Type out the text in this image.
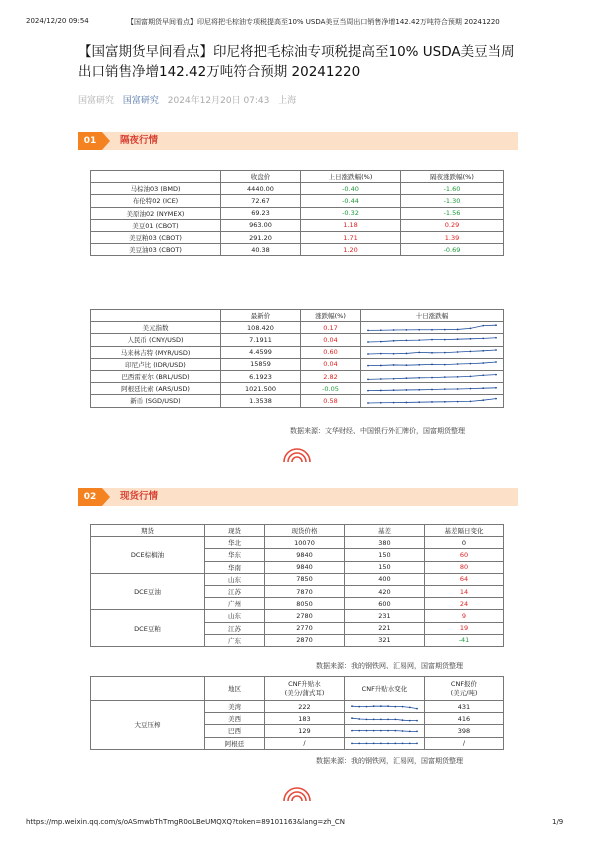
2024/12/20 09:54	【国富期货早间看点】印尼将把毛棕油专项税提高至10% USDA美豆当周出口销售净增142.42万吨符合预期 20241220
【国富期货早间看点】印尼将把毛棕油专项税提高至10% USDA美豆当周出口销售净增142.42万吨符合预期 20241220
国富研究 国富研究 2024年12月20日 07:43 上海
01	隔夜行情
	收盘价	上日涨跌幅(%)	隔夜涨跌幅(%)
马棕油03 (BMD)	4440.00	-0.40	-1.60
布伦特02 (ICE)	72.67	-0.44	-1.30
美原油02 (NYMEX)	69.23	-0.32	-1.56
美豆01 (CBOT)	963.00	1.18	0.29
美豆粕03 (CBOT)	291.20	1.71	1.39
美豆油03 (CBOT)	40.38	1.20	-0.69
	最新价	涨跌幅(%)	十日涨跌幅
美元指数	108.420	0.17	

人民币 (CNY/USD)	7.1911	0.04	

马来林吉特 (MYR/USD)	4.4599	0.60	

印尼卢比 (IDR/USD)	15859	0.04	

巴西雷亚尔 (BRL/USD)	6.1923	2.82	

阿根廷比索 (ARS/USD)	1021.500	-0.05	

新币 (SGD/USD)	1.3538	0.58	
数据来源：文华财经、中国银行外汇牌价，国富期货整理
02	现货行情
期货	现货	现货价格	基差	基差隔日变化
DCE棕榈油	华北	10070	380	0
	华东	9840	150	60
	华南	9840	150	80
DCE豆油	山东	7850	400	64
	江苏	7870	420	14
	广州	8050	600	24
DCE豆粕	山东	2780	231	9
	江苏	2770	221	19
	广东	2870	321	-41
数据来源：我的钢铁网、汇易网，国富期货整理
	地区	CNF升贴水
(美分/蒲式耳)	CNF升贴水变化	CNF报价
(美元/吨)
大豆压榨	美湾	222		431
	美西	183		416
	巴西	129		398
	阿根廷	/		/
数据来源：我的钢铁网，汇易网，国富期货整理
https://mp.weixin.qq.com/s/oASmwbThTmgR0oLBeUMQXQ?token=89101163&lang=zh_CN	1/9
